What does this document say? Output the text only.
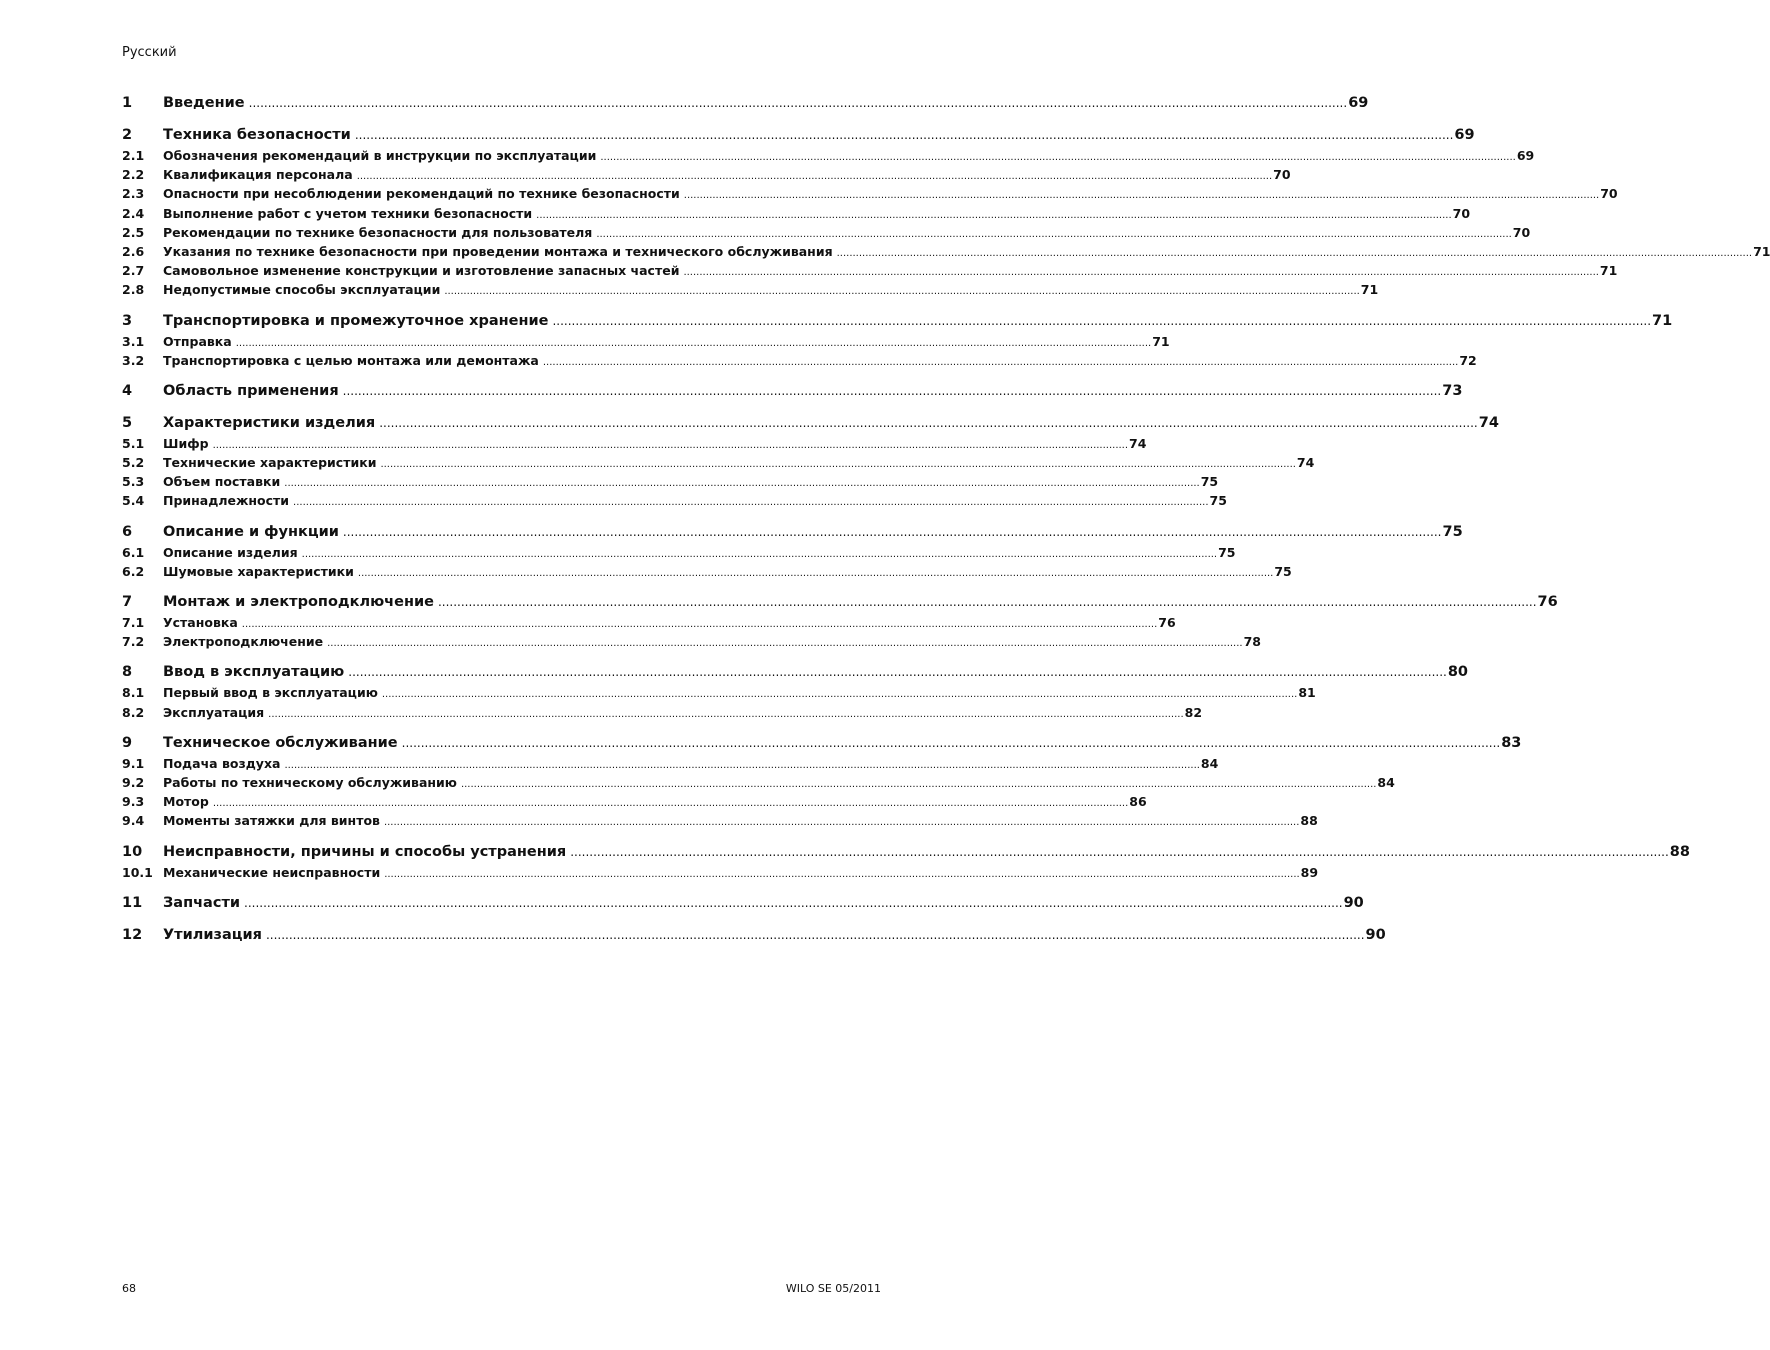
Русский
1	Введение .....	69
2	Техника безопасности .....	69
2.1	Обозначения рекомендаций в инструкции по эксплуатации .....	69
2.2	Квалификация персонала .....	70
2.3	Опасности при несоблюдении рекомендаций по технике безопасности .....	70
2.4	Выполнение работ с учетом техники безопасности .....	70
2.5	Рекомендации по технике безопасности для пользователя .....	70
2.6	Указания по технике безопасности при проведении монтажа и технического обслуживания .....	71
2.7	Самовольное изменение конструкции и изготовление запасных частей .....	71
2.8	Недопустимые способы эксплуатации .....	71
3	Транспортировка и промежуточное хранение .....	71
3.1	Отправка .....	71
3.2	Транспортировка с целью монтажа или демонтажа .....	72
4	Область применения .....	73
5	Характеристики изделия .....	74
5.1	Шифр .....	74
5.2	Технические характеристики .....	74
5.3	Объем поставки .....	75
5.4	Принадлежности .....	75
6	Описание и функции .....	75
6.1	Описание изделия .....	75
6.2	Шумовые характеристики .....	75
7	Монтаж и электроподключение .....	76
7.1	Установка .....	76
7.2	Электроподключение .....	78
8	Ввод в эксплуатацию .....	80
8.1	Первый ввод в эксплуатацию .....	81
8.2	Эксплуатация .....	82
9	Техническое обслуживание .....	83
9.1	Подача воздуха .....	84
9.2	Работы по техническому обслуживанию .....	84
9.3	Мотор .....	86
9.4	Моменты затяжки для винтов .....	88
10	Неисправности, причины и способы устранения .....	88
10.1 Механические неисправности .....	89
11	Запчасти .....	90
12	Утилизация .....	90
68	WILO SE 05/2011
